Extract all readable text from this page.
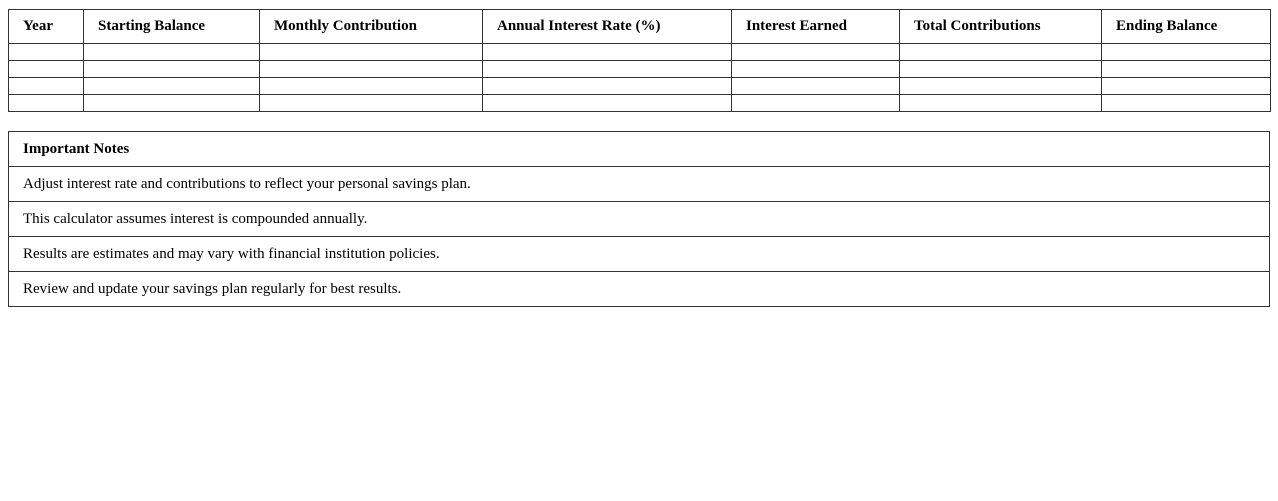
Year	Starting Balance	Monthly Contribution	Annual Interest Rate (%)	Interest Earned	Total Contributions	Ending Balance

Important Notes
Adjust interest rate and contributions to reflect your personal savings plan.
This calculator assumes interest is compounded annually.
Results are estimates and may vary with financial institution policies.
Review and update your savings plan regularly for best results.
